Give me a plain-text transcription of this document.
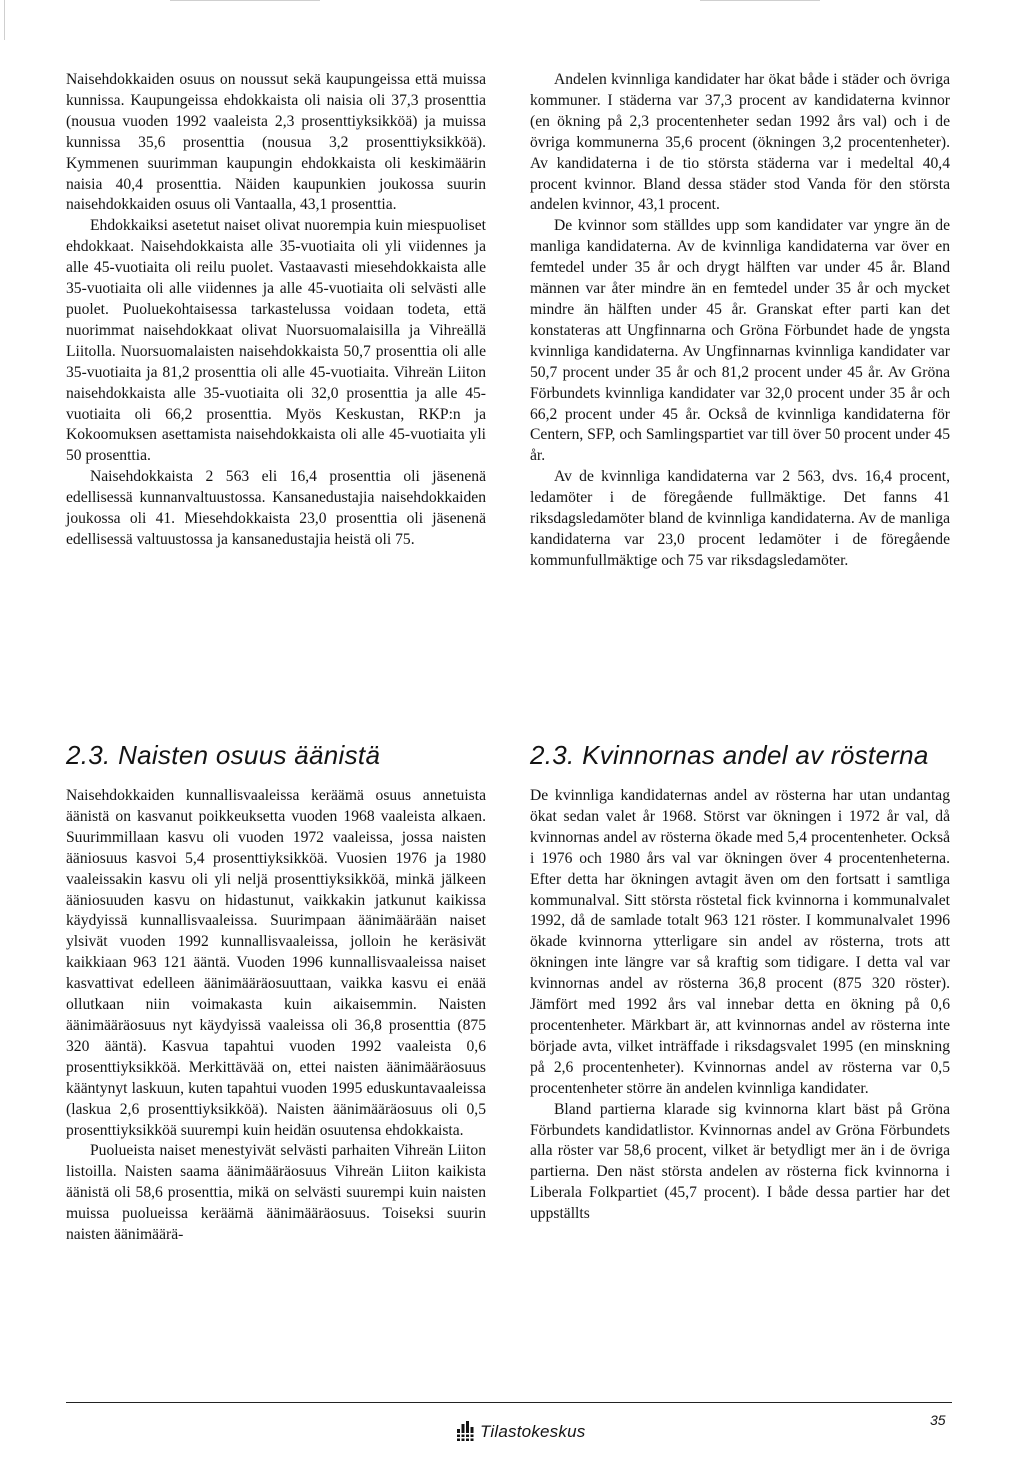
Naisehdokkaiden osuus on noussut sekä kaupungeissa että muissa kunnissa. Kaupungeissa ehdokkaista oli naisia oli 37,3 prosenttia (nousua vuoden 1992 vaaleista 2,3 prosenttiyksikköä) ja muissa kunnissa 35,6 prosenttia (nousua 3,2 prosenttiyksikköä). Kymmenen suurimman kaupungin ehdokkaista oli keskimäärin naisia 40,4 prosenttia. Näiden kaupunkien joukossa suurin naisehdokkaiden osuus oli Vantaalla, 43,1 prosenttia.

Ehdokkaiksi asetetut naiset olivat nuorempia kuin miespuoliset ehdokkaat. Naisehdokkaista alle 35-vuotiaita oli yli viidennes ja alle 45-vuotiaita oli reilu puolet. Vastaavasti miesehdokkaista alle 35-vuotiaita oli alle viidennes ja alle 45-vuotiaita oli selvästi alle puolet. Puoluekohtaisessa tarkastelussa voidaan todeta, että nuorimmat naisehdokkaat olivat Nuorsuomalaisilla ja Vihreällä Liitolla. Nuorsuomalaisten naisehdokkaista 50,7 prosenttia oli alle 35-vuotiaita ja 81,2 prosenttia oli alle 45-vuotiaita. Vihreän Liiton naisehdokkaista alle 35-vuotiaita oli 32,0 prosenttia ja alle 45-vuotiaita oli 66,2 prosenttia. Myös Keskustan, RKP:n ja Kokoomuksen asettamista naisehdokkaista oli alle 45-vuotiaita yli 50 prosenttia.

Naisehdokkaista 2 563 eli 16,4 prosenttia oli jäsenenä edellisessä kunnanvaltuustossa. Kansanedustajia naisehdokkaiden joukossa oli 41. Miesehdokkaista 23,0 prosenttia oli jäsenenä edellisessä valtuustossa ja kansanedustajia heistä oli 75.

Andelen kvinnliga kandidater har ökat både i städer och övriga kommuner. I städerna var 37,3 procent av kandidaterna kvinnor (en ökning på 2,3 procentenheter sedan 1992 års val) och i de övriga kommunerna 35,6 procent (ökningen 3,2 procentenheter). Av kandidaterna i de tio största städerna var i medeltal 40,4 procent kvinnor. Bland dessa städer stod Vanda för den största andelen kvinnor, 43,1 procent.

De kvinnor som ställdes upp som kandidater var yngre än de manliga kandidaterna. Av de kvinnliga kandidaterna var över en femtedel under 35 år och drygt hälften var under 45 år. Bland männen var åter mindre än en femtedel under 35 år och mycket mindre än hälften under 45 år. Granskat efter parti kan det konstateras att Ungfinnarna och Gröna Förbundet hade de yngsta kvinnliga kandidaterna. Av Ungfinnarnas kvinnliga kandidater var 50,7 procent under 35 år och 81,2 procent under 45 år. Av Gröna Förbundets kvinnliga kandidater var 32,0 procent under 35 år och 66,2 procent under 45 år. Också de kvinnliga kandidaterna för Centern, SFP, och Samlingspartiet var till över 50 procent under 45 år.

Av de kvinnliga kandidaterna var 2 563, dvs. 16,4 procent, ledamöter i de föregående fullmäktige. Det fanns 41 riksdagsledamöter bland de kvinnliga kandidaterna. Av de manliga kandidaterna var 23,0 procent ledamöter i de föregående kommunfullmäktige och 75 var riksdagsledamöter.

2.3. Naisten osuus äänistä

Naisehdokkaiden kunnallisvaaleissa keräämä osuus annetuista äänistä on kasvanut poikkeuksetta vuoden 1968 vaaleista alkaen. Suurimmillaan kasvu oli vuoden 1972 vaaleissa, jossa naisten ääniosuus kasvoi 5,4 prosenttiyksikköä. Vuosien 1976 ja 1980 vaaleissakin kasvu oli yli neljä prosenttiyksikköä, minkä jälkeen ääniosuuden kasvu on hidastunut, vaikkakin jatkunut kaikissa käydyissä kunnallisvaaleissa. Suurimpaan äänimäärään naiset ylsivät vuoden 1992 kunnallisvaaleissa, jolloin he keräsivät kaikkiaan 963 121 ääntä. Vuoden 1996 kunnallisvaaleissa naiset kasvattivat edelleen äänimääräosuuttaan, vaikka kasvu ei enää ollutkaan niin voimakasta kuin aikaisemmin. Naisten äänimääräosuus nyt käydyissä vaaleissa oli 36,8 prosenttia (875 320 ääntä). Kasvua tapahtui vuoden 1992 vaaleista 0,6 prosenttiyksikköä. Merkittävää on, ettei naisten äänimääräosuus kääntynyt laskuun, kuten tapahtui vuoden 1995 eduskuntavaaleissa (laskua 2,6 prosenttiyksikköä). Naisten äänimääräosuus oli 0,5 prosenttiyksikköä suurempi kuin heidän osuutensa ehdokkaista.

Puolueista naiset menestyivät selvästi parhaiten Vihreän Liiton listoilla. Naisten saama äänimääräosuus Vihreän Liiton kaikista äänistä oli 58,6 prosenttia, mikä on selvästi suurempi kuin naisten muissa puolueissa keräämä äänimääräosuus. Toiseksi suurin naisten äänimäärä-

2.3. Kvinnornas andel av rösterna

De kvinnliga kandidaternas andel av rösterna har utan undantag ökat sedan valet år 1968. Störst var ökningen i 1972 år val, då kvinnornas andel av rösterna ökade med 5,4 procentenheter. Också i 1976 och 1980 års val var ökningen över 4 procentenheterna. Efter detta har ökningen avtagit även om den fortsatt i samtliga kommunalval. Sitt största röstetal fick kvinnorna i kommunalvalet 1992, då de samlade totalt 963 121 röster. I kommunalvalet 1996 ökade kvinnorna ytterligare sin andel av rösterna, trots att ökningen inte längre var så kraftig som tidigare. I detta val var kvinnornas andel av rösterna 36,8 procent (875 320 röster). Jämfört med 1992 års val innebar detta en ökning på 0,6 procentenheter. Märkbart är, att kvinnornas andel av rösterna inte började avta, vilket inträffade i riksdagsvalet 1995 (en minskning på 2,6 procentenheter). Kvinnornas andel av rösterna var 0,5 procentenheter större än andelen kvinnliga kandidater.

Bland partierna klarade sig kvinnorna klart bäst på Gröna Förbundets kandidatlistor. Kvinnornas andel av Gröna Förbundets alla röster var 58,6 procent, vilket är betydligt mer än i de övriga partierna. Den näst största andelen av rösterna fick kvinnorna i Liberala Folkpartiet (45,7 procent). I både dessa partier har det uppställts

35
Tilastokeskus
